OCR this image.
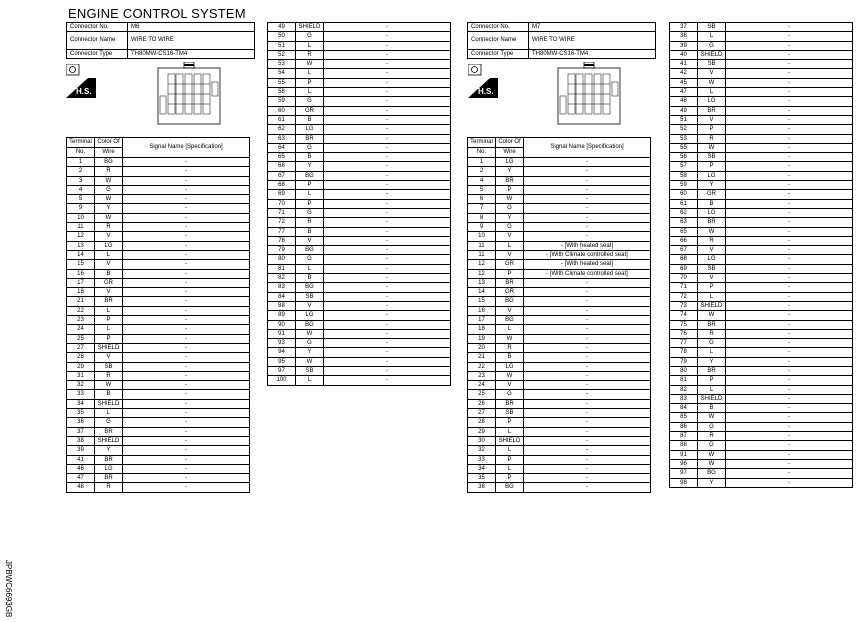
ENGINE CONTROL SYSTEM
JPBWC6693GB
Connector No.	M6
Connector Name	WIRE TO WIRE
Connector Type	TH80MW-CS16-TM4
Connector No.	M7
Connector Name	WIRE TO WIRE
Connector Type	TH80MW-CS16-TM4
H.S.	H.S.
Terminal	Color Of	Signal Name [Specification]
No.	Wire	
1	BG	-
2	R	-
3	W	-
4	G	-
5	W	-
9	Y	-
10	W	-
11	R	-
12	V	-
13	LG	-
14	L	-
15	V	-
16	B	-
17	GR	-
18	V	-
21	BR	-
22	L	-
23	P	-
24	L	-
25	P	-
27	SHIELD	-
28	V	-
29	SB	-
31	R	-
32	W	-
33	B	-
34	SHIELD	-
35	L	-
36	G	-
37	BR	-
38	SHIELD	-
39	Y	-
41	BR	-
46	LG	-
47	BR	-
48	R	-
49	SHIELD	-
50	G	-
51	L	-
52	R	-
53	W	-
54	L	-
55	P	-
58	L	-
59	G	-
60	GR	-
61	B	-
62	LG	-
63	BR	-
64	G	-
65	B	-
66	Y	-
67	BG	-
68	P	-
69	L	-
70	P	-
71	G	-
72	R	-
77	B	-
78	V	-
79	BG	-
80	G	-
81	L	-
82	B	-
83	BG	-
84	SB	-
88	V	-
89	LG	-
90	BG	-
91	W	-
93	G	-
94	Y	-
95	W	-
97	SB	-
100	L	-
Terminal	Color Of	Signal Name [Specification]
No.	Wire	
1	LG	-
2	Y	-
4	BR	-
5	P	-
6	W	-
7	G	-
8	Y	-
9	G	-
10	V	-
11	L	- [With heated seat]
11	V	- [With Climate controlled seat]
12	GR	- [With heated seat]
12	P	- [With Climate controlled seat]
13	BR	-
14	GR	-
15	BG	-
16	V	-
17	BG	-
18	L	-
19	W	-
20	R	-
21	B	-
22	LG	-
23	W	-
24	V	-
25	G	-
26	BR	-
27	SB	-
28	P	-
29	L	-
30	SHIELD	-
32	L	-
33	P	-
34	L	-
35	P	-
36	BG	-
37	SB	-
38	L	-
39	G	-
40	SHIELD	-
41	SB	-
42	V	-
45	W	-
47	L	-
48	LG	-
49	BR	-
51	V	-
52	P	-
53	R	-
55	W	-
56	SB	-
57	P	-
58	LG	-
59	Y	-
60	GR	-
61	B	-
62	LG	-
63	BR	-
65	W	-
66	R	-
67	V	-
68	LG	-
69	SB	-
70	V	-
71	P	-
72	L	-
73	SHIELD	-
74	W	-
75	BR	-
76	R	-
77	G	-
78	L	-
79	Y	-
80	BR	-
81	P	-
82	L	-
83	SHIELD	-
84	B	-
85	W	-
86	G	-
87	R	-
88	G	-
91	W	-
96	W	-
97	BG	-
98	Y	-
